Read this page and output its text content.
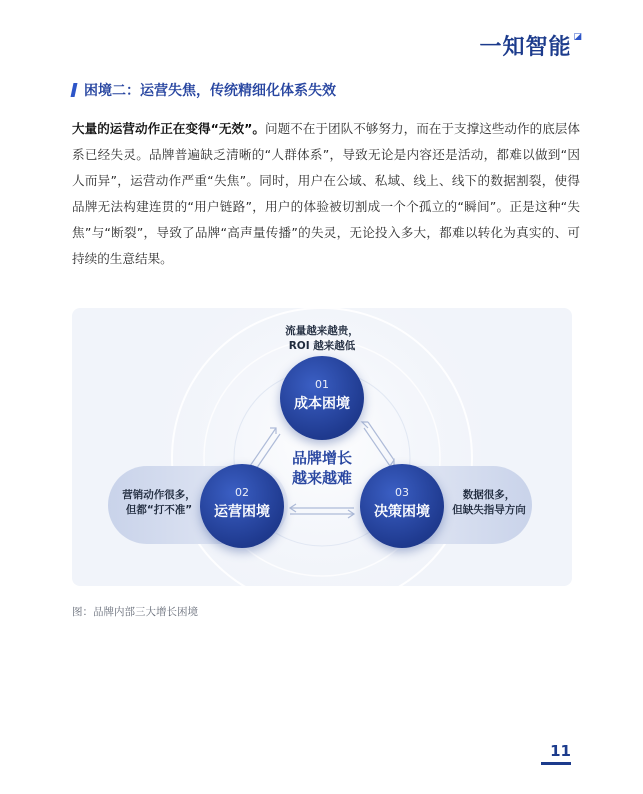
一知智能 ◪
困境二：运营失焦，传统精细化体系失效

大量的运营动作正在变得“无效”。问题不在于团队不够努力，而在于支撑这些动作的底层体系已经失灵。品牌普遍缺乏清晰的“人群体系”，导致无论是内容还是活动，都难以做到“因人而异”，运营动作严重“失焦”。同时，用户在公域、私域、线上、线下的数据割裂，使得品牌无法构建连贯的“用户链路”，用户的体验被切割成一个个孤立的“瞬间”。正是这种“失焦”与“断裂”，导致了品牌“高声量传播”的失灵，无论投入多大，都难以转化为真实的、可持续的生意结果。

营销动作很多，
但都“打不准”
数据很多，
但缺失指导方向
流量越来越贵，
ROI 越来越低
01
成本困境
02
运营困境
03
决策困境
品牌增长
越来越难
图：品牌内部三大增长困境
11
